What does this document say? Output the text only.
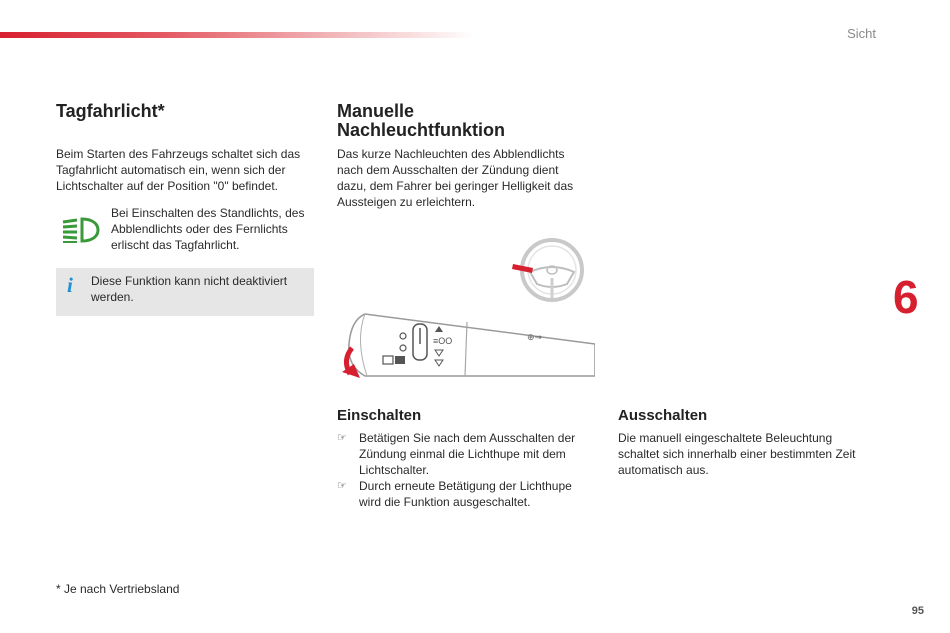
Sicht
Tagfahrlicht*
Beim Starten des Fahrzeugs schaltet sich das
Tagfahrlicht automatisch ein, wenn sich der
Lichtschalter auf der Position "0" befindet.
Bei Einschalten des Standlichts, des
Abblendlichts oder des Fernlichts
erlischt das Tagfahrlicht.
i Diese Funktion kann nicht deaktiviert
werden.
* Je nach Vertriebsland
Manuelle
Nachleuchtfunktion
Das kurze Nachleuchten des Abblendlichts
nach dem Ausschalten der Zündung dient
dazu, dem Fahrer bei geringer Helligkeit das
Aussteigen zu erleichtern.
≡OO	⊕⇒
Einschalten
☞ Betätigen Sie nach dem Ausschalten der
Zündung einmal die Lichthupe mit dem
Lichtschalter.
☞ Durch erneute Betätigung der Lichthupe
wird die Funktion ausgeschaltet.
Ausschalten
Die manuell eingeschaltete Beleuchtung
schaltet sich innerhalb einer bestimmten Zeit
automatisch aus.
6
95
